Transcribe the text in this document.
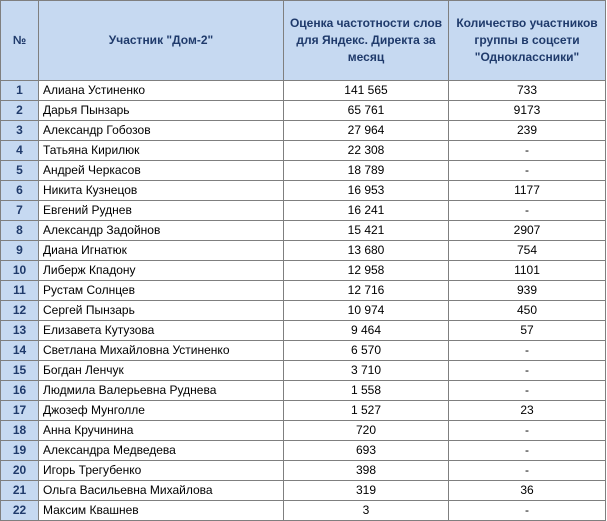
№	Участник "Дом-2"	Оценка частотности слов для Яндекс. Директа за месяц	Количество участников группы в соцсети "Одноклассники"
1	Алиана Устиненко	141 565	733
2	Дарья Пынзарь	65 761	9173
3	Александр Гобозов	27 964	239
4	Татьяна Кирилюк	22 308	-
5	Андрей Черкасов	18 789	-
6	Никита Кузнецов	16 953	1177
7	Евгений Руднев	16 241	-
8	Александр Задойнов	15 421	2907
9	Диана Игнатюк	13 680	754
10	Либерж Кпадону	12 958	1101
11	Рустам Солнцев	12 716	939
12	Сергей Пынзарь	10 974	450
13	Елизавета Кутузова	9 464	57
14	Светлана Михайловна Устиненко	6 570	-
15	Богдан Ленчук	3 710	-
16	Людмила Валерьевна Руднева	1 558	-
17	Джозеф Мунголле	1 527	23
18	Анна Кручинина	720	-
19	Александра Медведева	693	-
20	Игорь Трегубенко	398	-
21	Ольга Васильевна Михайлова	319	36
22	Максим Квашнев	3	-
